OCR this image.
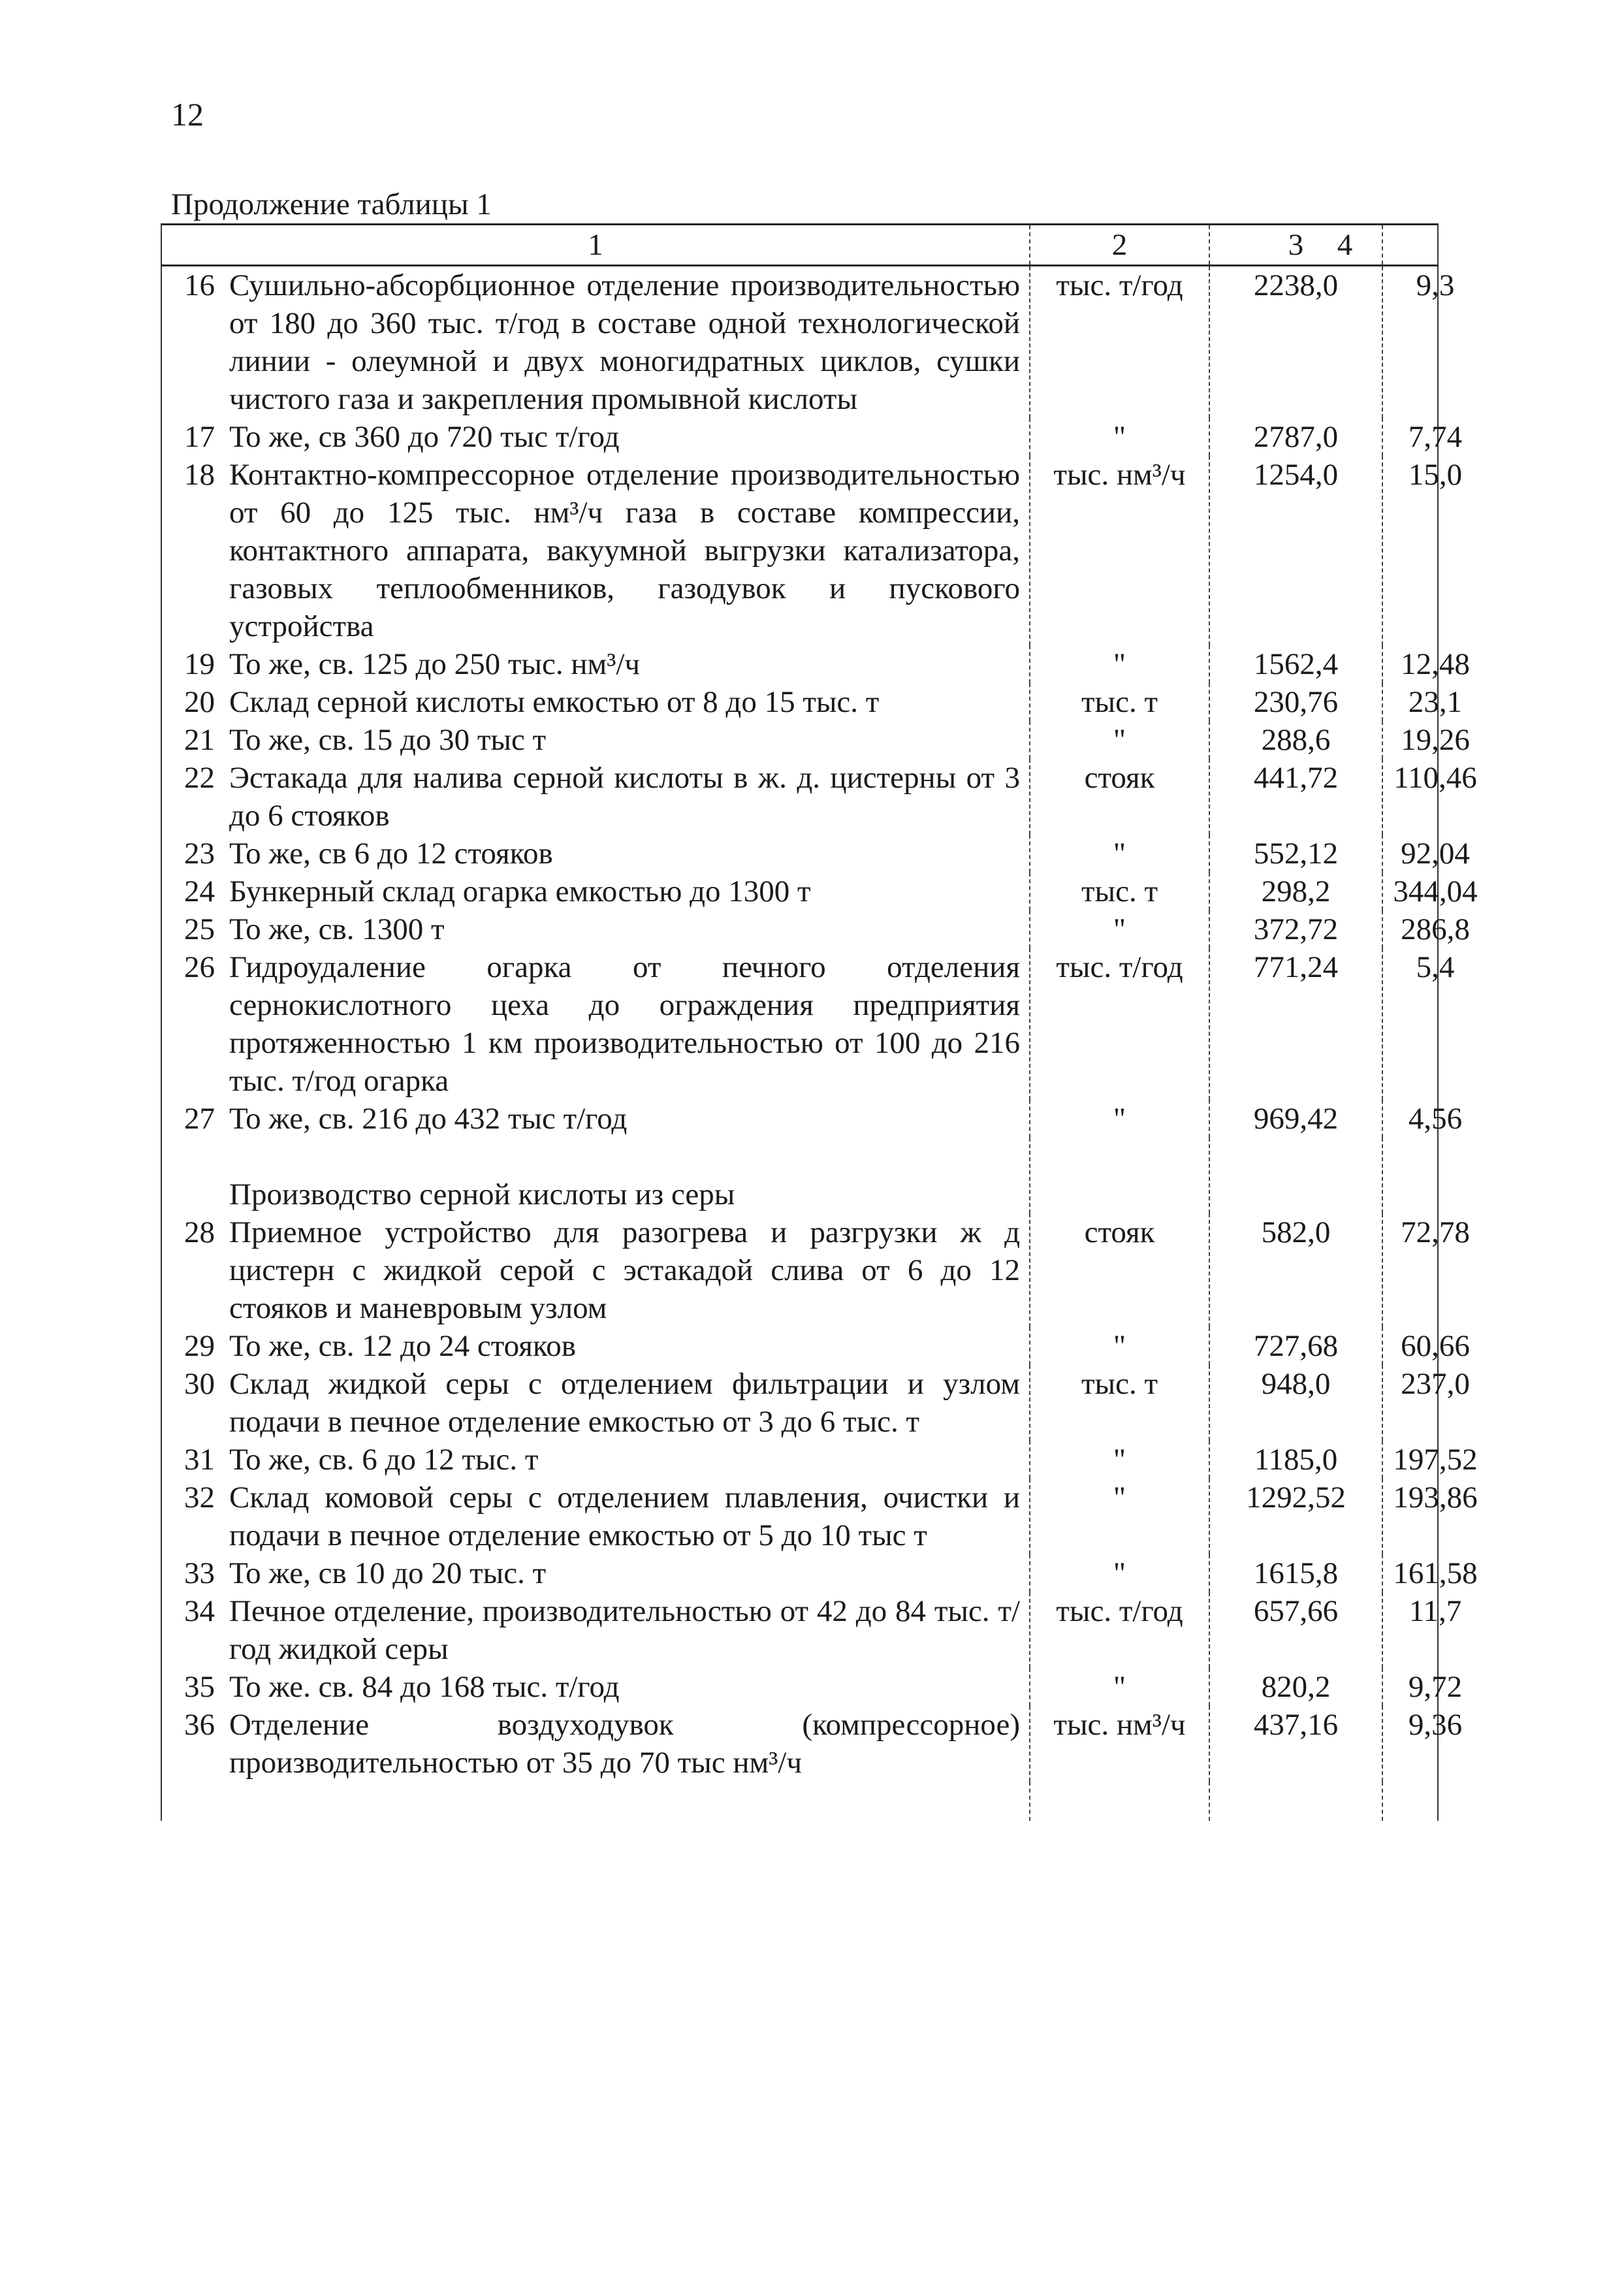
12
Продолжение таблицы 1
1		2	3	4
16	Сушильно-абсорбционное отделение производительностью от 180 до 360 тыс. т/год в составе одной технологической линии - олеумной и двух моногидратных циклов, сушки чистого газа и закрепления промывной кислоты	тыс. т/год	2238,0	9,3
17	То же, св 360 до 720 тыс т/год	"	2787,0	7,74
18	Контактно-компрессорное отделение производительностью от 60 до 125 тыс. нм³/ч газа в составе компрессии, контактного аппарата, вакуумной выгрузки катализатора, газовых теплообменников, газодувок и пускового устройства	тыс. нм³/ч	1254,0	15,0
19	То же, св. 125 до 250 тыс. нм³/ч	"	1562,4	12,48
20	Склад серной кислоты емкостью от 8 до 15 тыс. т	тыс. т	230,76	23,1
21	То же, св. 15 до 30 тыс т	"	288,6	19,26
22	Эстакада для налива серной кислоты в ж. д. цистерны от 3 до 6 стояков	стояк	441,72	110,46
23	То же, св 6 до 12 стояков	"	552,12	92,04
24	Бункерный склад огарка емкостью до 1300 т	тыс. т	298,2	344,04
25	То же, св. 1300 т	"	372,72	286,8
26	Гидроудаление огарка от печного отделения сернокислотного цеха до ограждения предприятия протяженностью 1 км производительностью от 100 до 216 тыс. т/год огарка	тыс. т/год	771,24	5,4
27	То же, св. 216 до 432 тыс т/год	"	969,42	4,56
	Производство серной кислоты из серы			
28	Приемное устройство для разогрева и разгрузки ж д цистерн с жидкой серой с эстакадой слива от 6 до 12 стояков и маневровым узлом	стояк	582,0	72,78
29	То же, св. 12 до 24 стояков	"	727,68	60,66
30	Склад жидкой серы с отделением фильтрации и узлом подачи в печное отделение емкостью от 3 до 6 тыс. т	тыс. т	948,0	237,0
31	То же, св. 6 до 12 тыс. т	"	1185,0	197,52
32	Склад комовой серы с отделением плавления, очистки и подачи в печное отделение емкостью от 5 до 10 тыс т	"	1292,52	193,86
33	То же, св 10 до 20 тыс. т	"	1615,8	161,58
34	Печное отделение, производительностью от 42 до 84 тыс. т/год жидкой серы	тыс. т/год	657,66	11,7
35	То же. св. 84 до 168 тыс. т/год	"	820,2	9,72
36	Отделение воздуходувок (компрессорное) производительностью от 35 до 70 тыс нм³/ч	тыс. нм³/ч	437,16	9,36
